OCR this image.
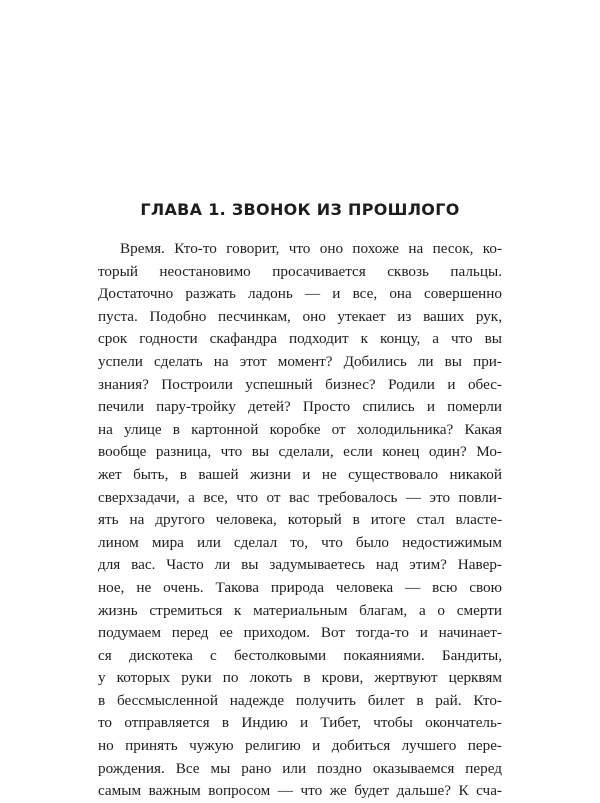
ГЛАВА 1. ЗВОНОК ИЗ ПРОШЛОГО
Время. Кто-то говорит, что оно похоже на песок, ко-
торый неостановимо просачивается сквозь пальцы.
Достаточно разжать ладонь — и все, она совершенно
пуста. Подобно песчинкам, оно утекает из ваших рук,
срок годности скафандра подходит к концу, а что вы
успели сделать на этот момент? Добились ли вы при-
знания? Построили успешный бизнес? Родили и обес-
печили пару-тройку детей? Просто спились и померли
на улице в картонной коробке от холодильника? Какая
вообще разница, что вы сделали, если конец один? Мо-
жет быть, в вашей жизни и не существовало никакой
сверхзадачи, а все, что от вас требовалось — это повли-
ять на другого человека, который в итоге стал власте-
лином мира или сделал то, что было недостижимым
для вас. Часто ли вы задумываетесь над этим? Навер-
ное, не очень. Такова природа человека — всю свою
жизнь стремиться к материальным благам, а о смерти
подумаем перед ее приходом. Вот тогда-то и начинает-
ся дискотека с бестолковыми покаяниями. Бандиты,
у которых руки по локоть в крови, жертвуют церквям
в бессмысленной надежде получить билет в рай. Кто-
то отправляется в Индию и Тибет, чтобы окончатель-
но принять чужую религию и добиться лучшего пере-
рождения. Все мы рано или поздно оказываемся перед
самым важным вопросом — что же будет дальше? К сча-
